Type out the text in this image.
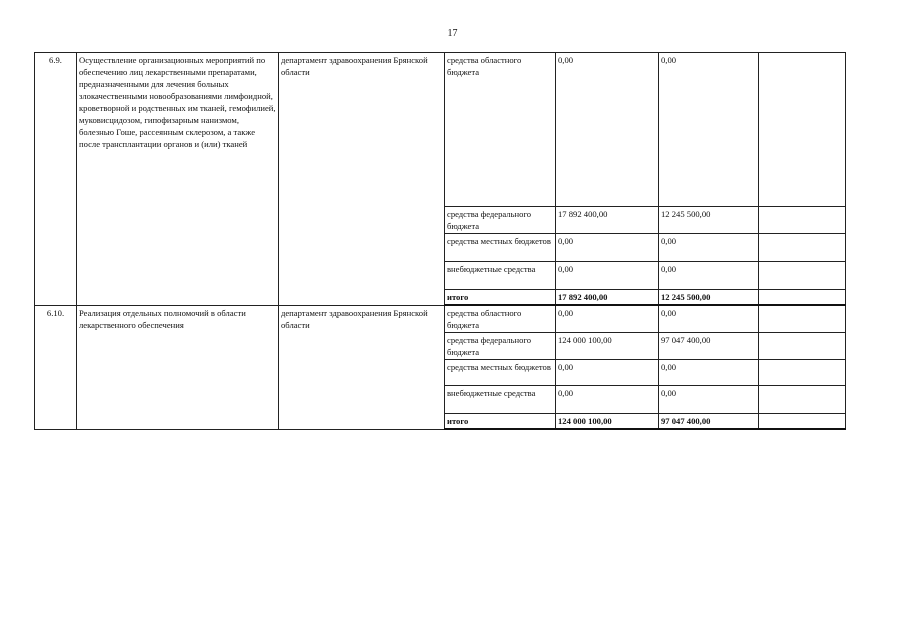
17
6.9.	Осуществление организационных мероприятий по обеспечению лиц лекарственными препаратами, предназначенными для лечения больных злокачественными новообразованиями лимфоидной, кроветворной и родственных им тканей, гемофилией, муковисцидозом, гипофизарным нанизмом, болезнью Гоше, рассеянным склерозом, а также после трансплантации органов и (или) тканей	департамент здравоохранения Брянской области	средства областного бюджета	0,00	0,00	
			средства федерального бюджета	17 892 400,00	12 245 500,00	
			средства местных бюджетов	0,00	0,00	
			внебюджетные средства	0,00	0,00	
			итого	17 892 400,00	12 245 500,00	
6.10.	Реализация отдельных полномочий в области лекарственного обеспечения	департамент здравоохранения Брянской области	средства областного бюджета	0,00	0,00	
			средства федерального бюджета	124 000 100,00	97 047 400,00	
			средства местных бюджетов	0,00	0,00	
			внебюджетные средства	0,00	0,00	
			итого	124 000 100,00	97 047 400,00	
